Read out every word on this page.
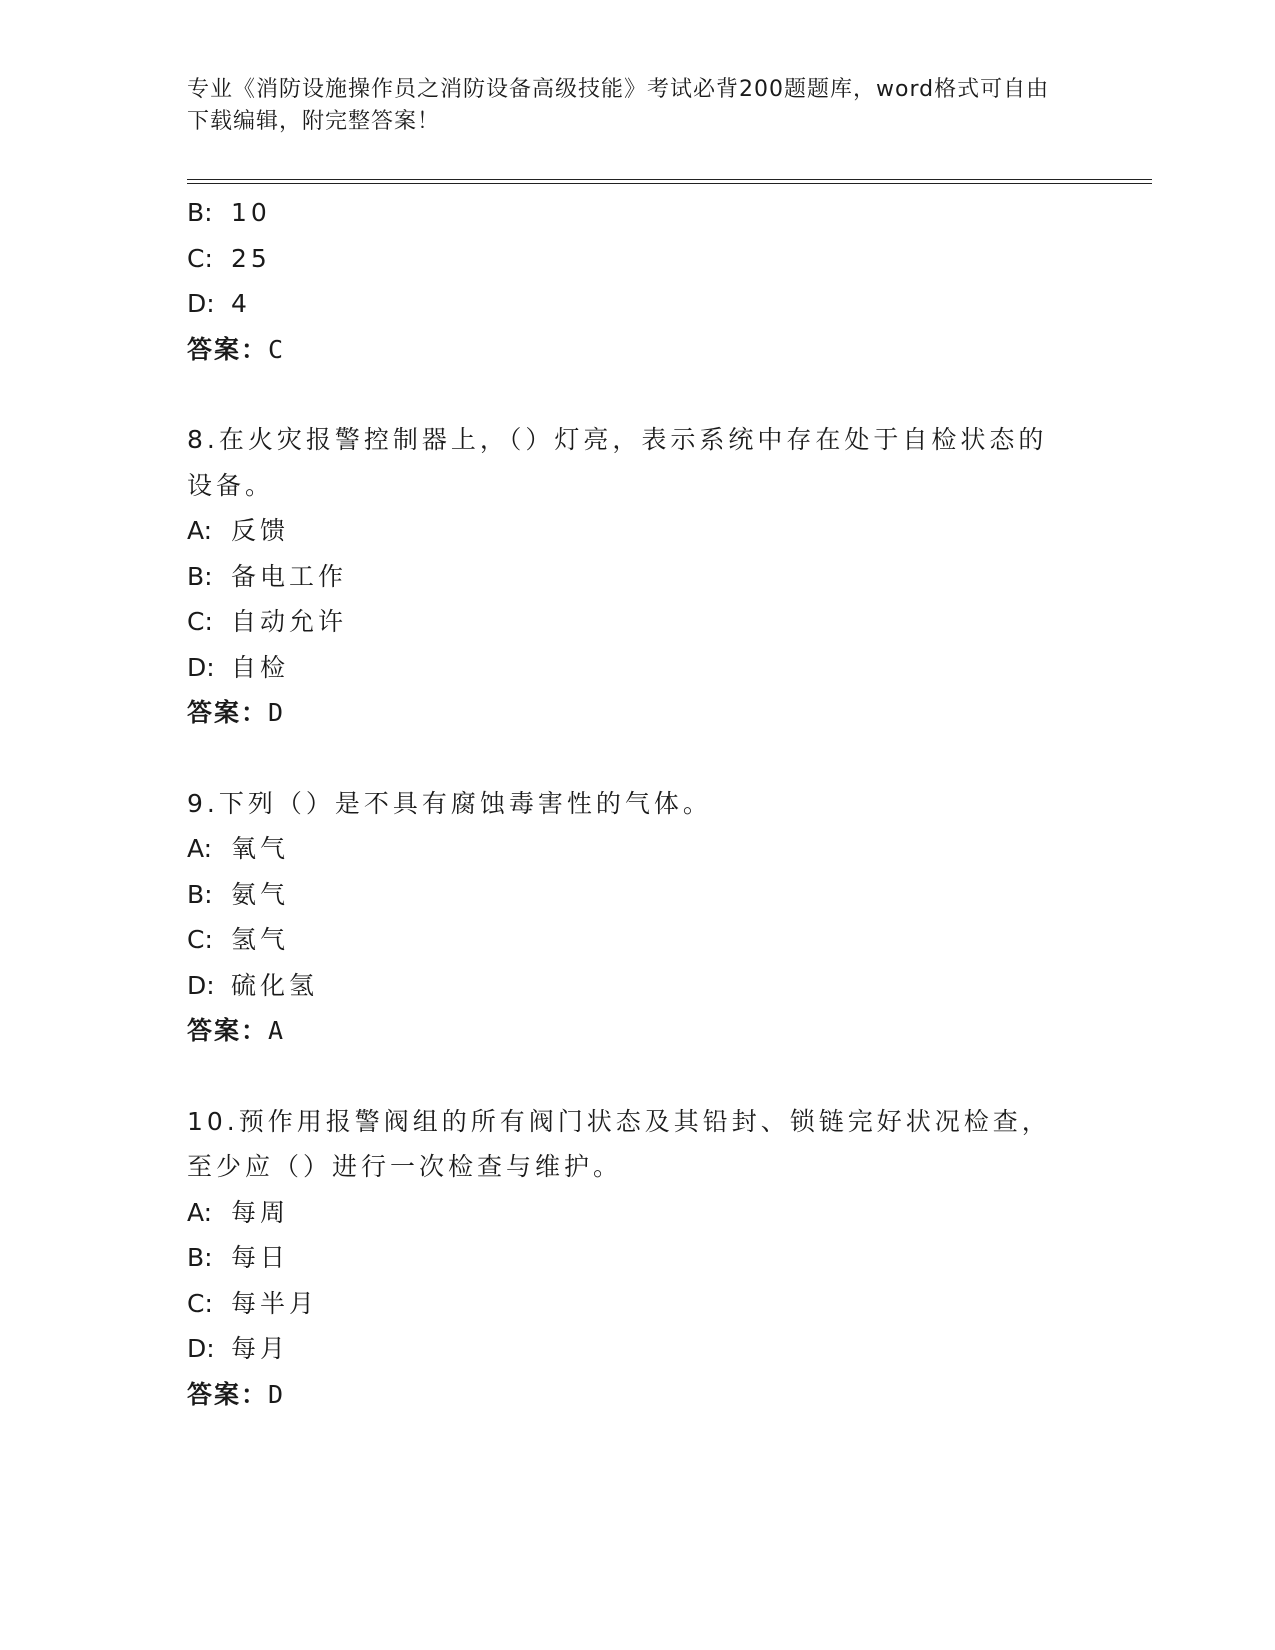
专业《消防设施操作员之消防设备高级技能》考试必背200题题库，word格式可自由下载编辑，附完整答案！
B: 10
C: 25
D: 4
答案：C
8.在火灾报警控制器上，（）灯亮，表示系统中存在处于自检状态的设备。
A: 反馈
B: 备电工作
C: 自动允许
D: 自检
答案：D
9.下列（）是不具有腐蚀毒害性的气体。
A: 氧气
B: 氨气
C: 氢气
D: 硫化氢
答案：A
10.预作用报警阀组的所有阀门状态及其铅封、锁链完好状况检查，至少应（）进行一次检查与维护。
A: 每周
B: 每日
C: 每半月
D: 每月
答案：D
